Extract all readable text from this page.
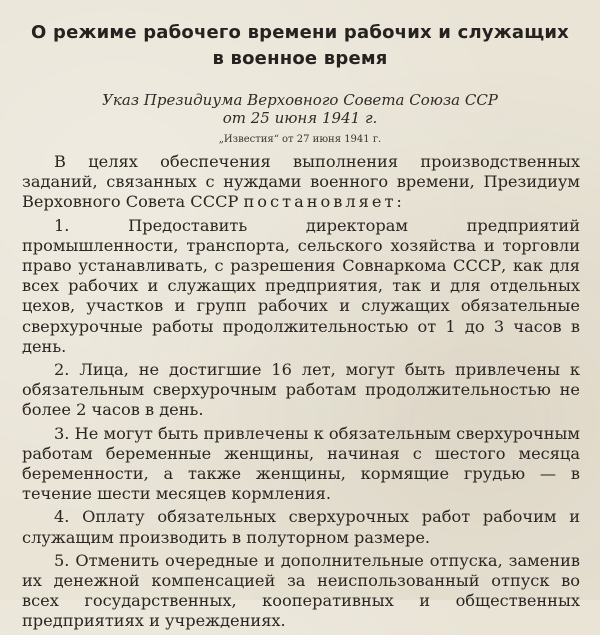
О режиме рабочего времени рабочих и служащих
в военное время
Указ Президиума Верховного Совета Союза ССР
от 25 июня 1941 г.
„Известия“ от 27 июня 1941 г.

В целях обеспечения выполнения производственных заданий, связанных с нуждами военного времени, Президиум Верховного Совета СССР постановляет:

1. Предоставить директорам предприятий промышленности, транспорта, сельского хозяйства и торговли право устанавливать, с разрешения Совнаркома СССР, как для всех рабочих и служащих предприятия, так и для отдельных цехов, участков и групп рабочих и служащих обязательные сверхурочные работы продолжительностью от 1 до 3 часов в день.

2. Лица, не достигшие 16 лет, могут быть привлечены к обязательным сверхурочным работам продолжительностью не более 2 часов в день.

3. Не могут быть привлечены к обязательным сверхурочным работам беременные женщины, начиная с шестого месяца беременности, а также женщины, кормящие грудью — в течение шести месяцев кормления.

4. Оплату обязательных сверхурочных работ рабочим и служащим производить в полуторном размере.

5. Отменить очередные и дополнительные отпуска, заменив их денежной компенсацией за неиспользованный отпуск во всех государственных, кооперативных и общественных предприятиях и учреждениях.
